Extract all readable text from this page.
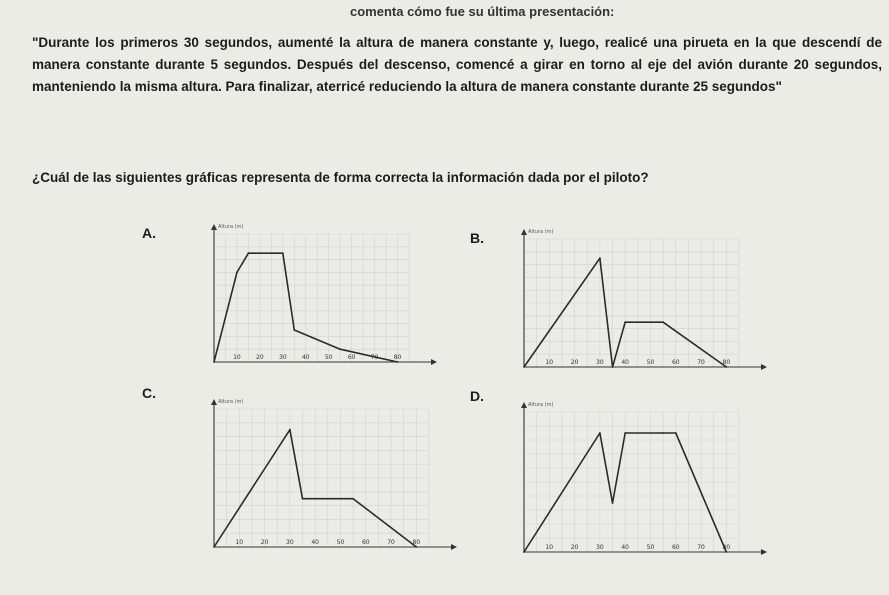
comenta cómo fue su última presentación:
"Durante los primeros 30 segundos, aumenté la altura de manera constante y, luego, realicé una pirueta en la que descendí de manera constante durante 5 segundos. Después del descenso, comencé a girar en torno al eje del avión durante 20 segundos, manteniendo la misma altura. Para finalizar, aterricé reduciendo la altura de manera constante durante 25 segundos"
¿Cuál de las siguientes gráficas representa de forma correcta la información dada por el piloto?
A.	B.
C.	D.
Altura (m)
10	20	30	40	50	60	70	80
Altura (m)
10	20	30	40	50	60	70	80
Altura (m)
10	20	30	40	50	60	70	80
Altura (m)
10	20	30	40	50	60	70	80
